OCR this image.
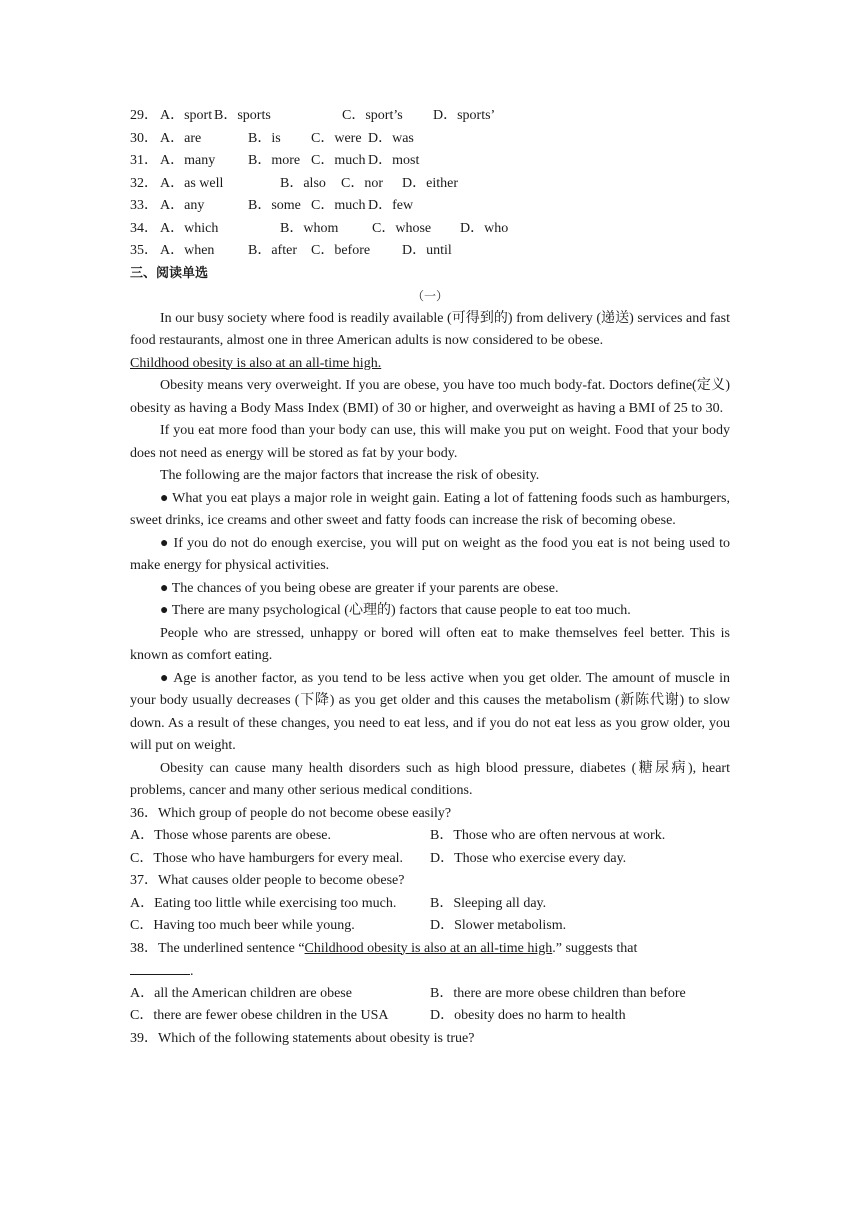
29． A．sport B．sports	C．sport’s D．sports’
30． A．are	B．is C．were D．was
31． A．many B．more C．much D．most
32． A．as well	B．also C．nor D．either
33． A．any	B．some C．much D．few
34． A．which	B．whom C．whose D．who
35． A．when B．after C．before D．until
三、阅读单选
（一）

In our busy society where food is readily available (可得到的) from delivery (递送) services and fast food restaurants, almost one in three American adults is now considered to be obese.
Childhood obesity is also at an all-time high.

Obesity means very overweight. If you are obese, you have too much body-fat. Doctors define(定义) obesity as having a Body Mass Index (BMI) of 30 or higher, and overweight as having a BMI of 25 to 30.

If you eat more food than your body can use, this will make you put on weight. Food that your body does not need as energy will be stored as fat by your body.

The following are the major factors that increase the risk of obesity.

● What you eat plays a major role in weight gain. Eating a lot of fattening foods such as hamburgers, sweet drinks, ice creams and other sweet and fatty foods can increase the risk of becoming obese.

● If you do not do enough exercise, you will put on weight as the food you eat is not being used to make energy for physical activities.

● The chances of you being obese are greater if your parents are obese.

● There are many psychological (心理的) factors that cause people to eat too much.

People who are stressed, unhappy or bored will often eat to make themselves feel better. This is known as comfort eating.

● Age is another factor, as you tend to be less active when you get older. The amount of muscle in your body usually decreases (下降) as you get older and this causes the metabolism (新陈代谢) to slow down. As a result of these changes, you need to eat less, and if you do not eat less as you grow older, you will put on weight.

Obesity can cause many health disorders such as high blood pressure, diabetes (糖尿病), heart problems, cancer and many other serious medical conditions.

36．Which group of people do not become obese easily?
A．Those whose parents are obese.	B．Those who are often nervous at work.
C．Those who have hamburgers for every meal. D．Those who exercise every day.
37．What causes older people to become obese?
A．Eating too little while exercising too much. B．Sleeping all day.
C．Having too much beer while young.	D．Slower metabolism.
38．The underlined sentence “Childhood obesity is also at an all-time high.” suggests that
.
A．all the American children are obese	B．there are more obese children than before
C．there are fewer obese children in the USA	D．obesity does no harm to health
39．Which of the following statements about obesity is true?
